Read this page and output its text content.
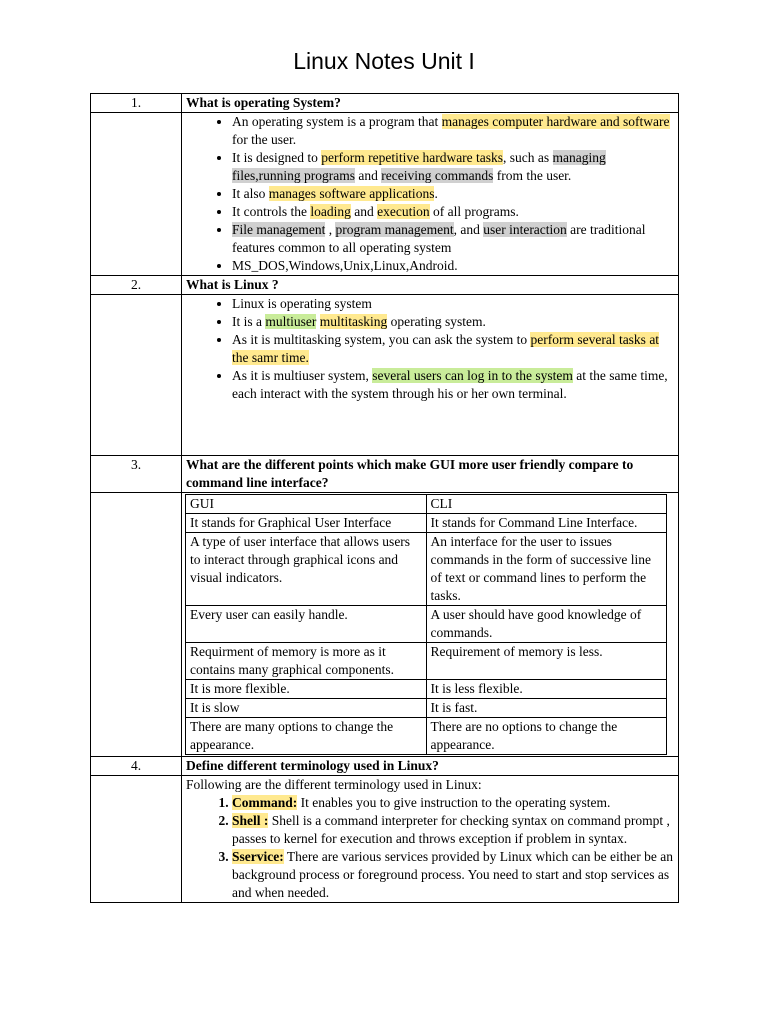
Linux Notes Unit I
1.	What is operating System?

• An operating system is a program that manages computer hardware and software for the user.
• It is designed to perform repetitive hardware tasks, such as managing files,running programs and receiving commands from the user.
• It also manages software applications.
• It controls the loading and execution of all programs.
• File management , program management, and user interaction are traditional features common to all operating system
• MS_DOS,Windows,Unix,Linux,Android.

2.	What is Linux ?

• Linux is operating system
• It is a multiuser multitasking operating system.
• As it is multitasking system, you can ask the system to perform several tasks at the samr time.
• As it is multiuser system, several users can log in to the system at the same time, each interact with the system through his or her own terminal.

3.	What are the different points which make GUI more user friendly compare to command line interface?

GUI	CLI
It stands for Graphical User Interface	It stands for Command Line Interface.
A type of user interface that allows users to interact through graphical icons and visual indicators.	An interface for the user to issues commands in the form of successive line of text or command lines to perform the tasks.
Every user can easily handle.	A user should have good knowledge of commands.
Requirment of memory is more as it contains many graphical components.	Requirement of memory is less.
It is more flexible.	It is less flexible.
It is slow	It is fast.
There are many options to change the appearance.	There are no options to change the appearance.

4.	Define different terminology used in Linux?

Following are the different terminology used in Linux:
1. Command: It enables you to give instruction to the operating system.
2. Shell : Shell is a command interpreter for checking syntax on command prompt , passes to kernel for execution and throws exception if problem in syntax.
3. Sservice: There are various services provided by Linux which can be either be an background process or foreground process. You need to start and stop services as and when needed.
